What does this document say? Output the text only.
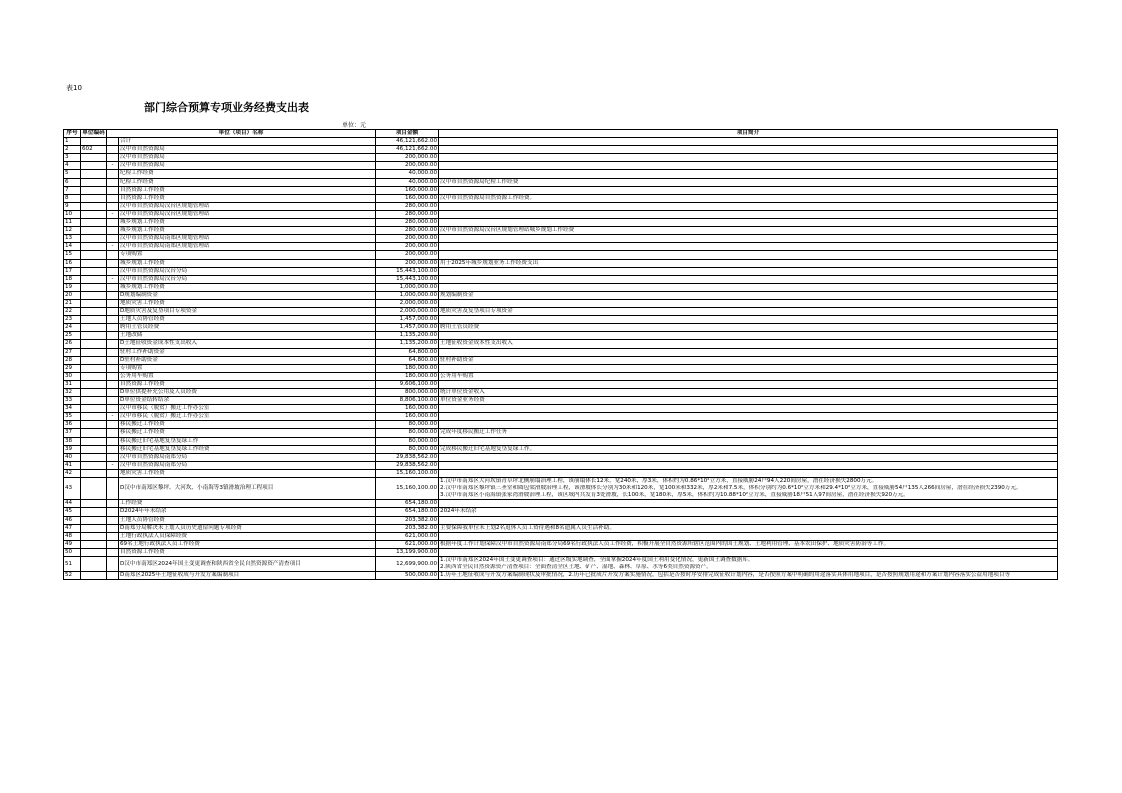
表10
部门综合预算专项业务经费支出表
单位：元
序号	单位编码	单位（项目）名称		项目金额	项目简介
1			合计	46,121,662.00	
2	602		汉中市自然资源局	46,121,662.00	
3			汉中市自然资源局	200,000.00	
4		-	汉中市自然资源局	200,000.00	
5			纪检工作经费	40,000.00	
6			纪检工作经费	40,000.00	汉中市自然资源局纪检工作经费
7			自然资源工作经费	160,000.00	
8			自然资源工作经费	160,000.00	汉中市自然资源局自然资源工作经费。
9			汉中市自然资源局汉台区规划管理站	280,000.00	
10		-	汉中市自然资源局汉台区规划管理站	280,000.00	
11			城乡规划工作经费	280,000.00	
12			城乡规划工作经费	280,000.00	汉中市自然资源局汉台区规划管理站城乡规划工作经费
13			汉中市自然资源局南郑区规划管理站	200,000.00	
14		-	汉中市自然资源局南郑区规划管理站	200,000.00	
15			专项购置	200,000.00	
16			城乡规划工作经费	200,000.00	用于2025年城乡规划业务工作经费支出
17			汉中市自然资源局汉台分局	15,443,100.00	
18		-	汉中市自然资源局汉台分局	15,443,100.00	
19			城乡规划工作经费	1,000,000.00	
20			D规划编制资金	1,000,000.00	规划编制资金
21			地质灾害工作经费	2,000,000.00	
22			D地质灾害及复垦项目专项资金	2,000,000.00	地质灾害及复垦项目专项资金
23			土地人员协管经费	1,457,000.00	
24			聘用土管员经费	1,457,000.00	聘用土管员经费
25			土地改储	1,135,200.00	
26			D土地征收资金成本性支出收入	1,135,200.00	土地征收资金成本性支出收入
27			驻村工作补助资金	64,800.00	
28			D驻村补助资金	64,800.00	驻村补助资金
29			专项购置	180,000.00	
30			公务用车购置	180,000.00	公务用车购置
31			自然资源工作经费	9,606,100.00	
32			D单位供提补充公用及人员经费	800,000.00	统计单位资金收入
33			D单位资金结转结余	8,806,100.00	单位资金业务经费
34			汉中市移民（脱贫）搬迁工作办公室	160,000.00	
35		-	汉中市移民（脱贫）搬迁工作办公室	160,000.00	
36			移民搬迁工作经费	80,000.00	
37			移民搬迁工作经费	80,000.00	完成年度移民搬迁工作任务
38			移民搬迁旧宅基地复垦复绿工作	80,000.00	
39			移民搬迁旧宅基地复垦复绿工作经费	80,000.00	完成移民搬迁旧宅基地复垦复绿工作。
40			汉中市自然资源局南郑分局	29,838,562.00	
41		-	汉中市自然资源局南郑分局	29,838,562.00	
42			地质灾害工作经费	15,160,100.00	
43			D汉中市南郑区黎坪、大河坎、小南海等3镇滑坡治理工程项目	15,160,100.00	1.汉中市南郑区大河坎镇青草坪北侧崩塌治理工程，该崩塌体长12米，宽240米，厚3米，体积约为0.86*10²立方米，直接威胁24户94人220间房屋，潜在经济损失2800万元。
2.汉中市南郑区黎坪镇三圣堂和圆包梁滑坡治理工程，该滑坡体长分别为30米和120米，宽100米和332米，厚2米和7.5米，体积分别约为0.6*10²立方米和29.4*10²立方米，直接威胁54户135人266间房屋，潜在经济损失2390万元。
3.汉中市南郑区小南海镇张家湾滑坡治理工程，该区域内共发育3处滑坡，长100米，宽180米，厚5米，体积约为10.88*10²立方米，直接威胁18户51人97间房屋，潜在经济损失920万元。

44			工作经费	654,180.00	
45			D2024年年末结余	654,180.00	2024年末结余
46			土地人员协管经费	203,382.00	
47			D南郑分局解决未上划人员历史遗留问题专项经费	203,382.00	主要保障我单位未上划2名退休人员工资待遇和8名遗属人员生活补助。
48			土地行政执法人员保障经费	621,000.00	
49			69名土地行政执法人员工作经费	621,000.00	根据年度工作计划保障汉中市自然资源局南郑分局69名行政执法人员工作经费，积极开展全自然资源所辖区范围内的国土规划、土地利用管理、基本农田保护、地质灾害防治等工作。
50			自然资源工作经费	13,199,900.00	
51			D汉中市南郑区2024年国土变更调查和陕西省全民自然资源资产清查项目	12,699,900.00	1.汉中市南郑区2024年国土变更调查项目：通过区级实地调查，全面掌握2024年度国土利用变化情况，更新国土调查数据库。
2.陕西省全民自然资源资产清查项目：全面查清全区土地、矿产、湿地、森林、草原、水等6类自然资源资产。

52			D南郑区2025年土地征收成与开发方案编制项目	500,000.00	1.历年土地征收成与开发方案编制现状及审批情况，2.历年已批成片开发方案实施情况，包括是否按时序安排完成征收计划内容，是否按照方案中明确的用途落实具体用地项目，是否按照规划用途和方案计划内容落实公益用地项目等
